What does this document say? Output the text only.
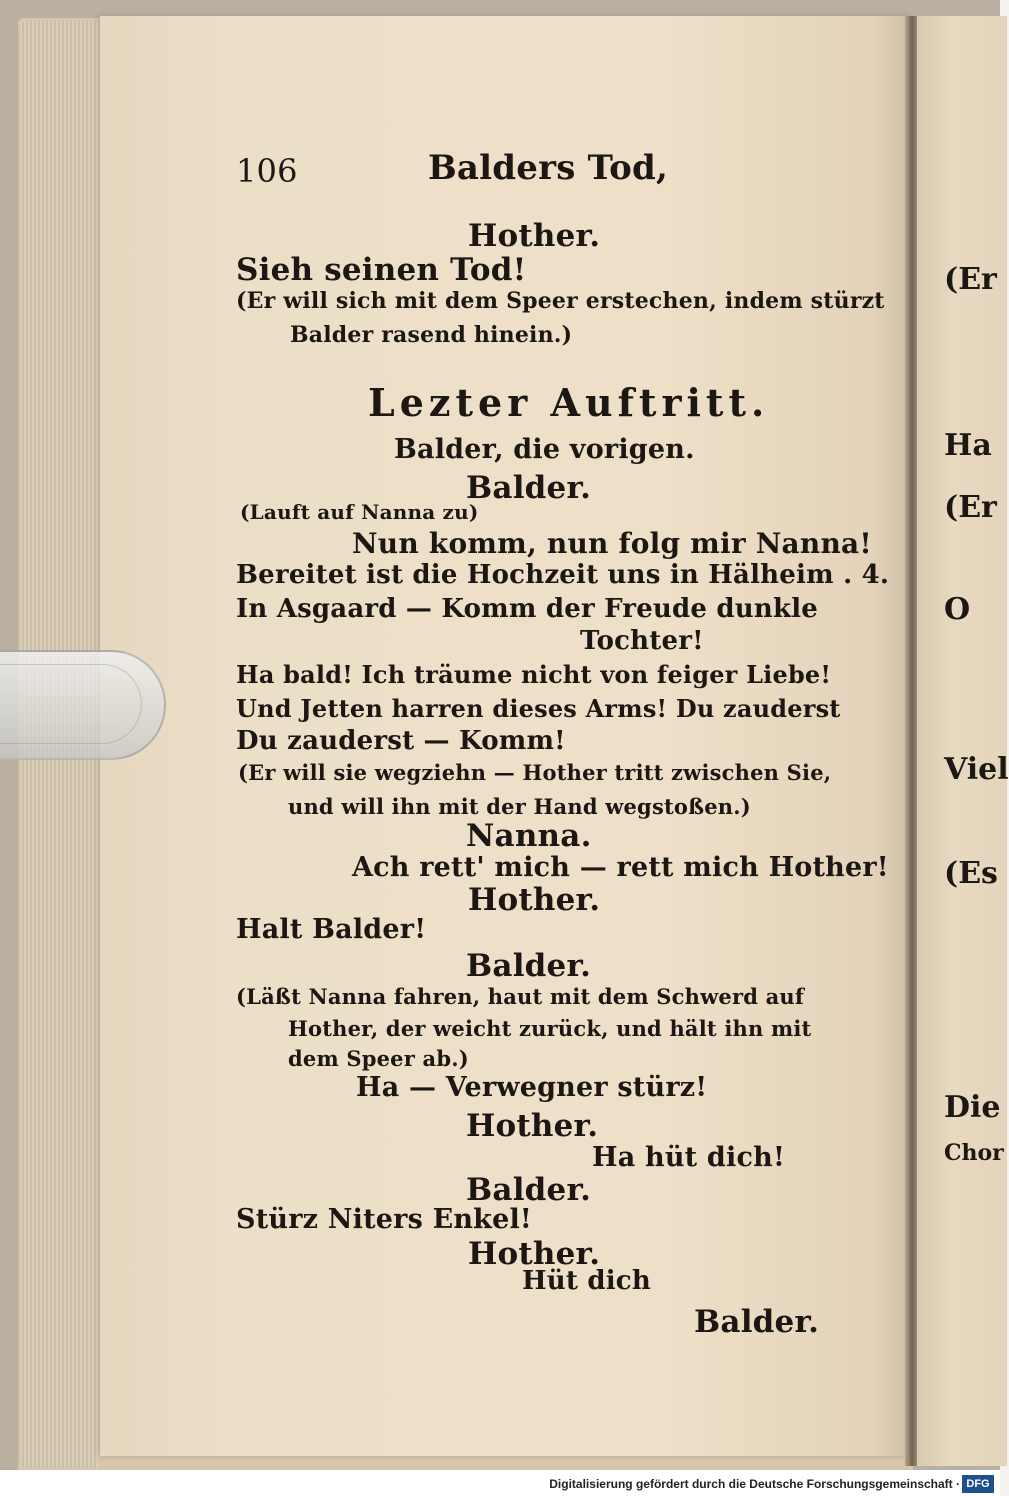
106	Balders Tod,
Hother.
Sieh seinen Tod!
(Er will sich mit dem Speer erstechen, indem stürzt
Balder rasend hinein.)
Lezter Auftritt.
Balder, die vorigen.
Balder.
(Lauft auf Nanna zu)
Nun komm, nun folg mir Nanna!
Bereitet ist die Hochzeit uns in Hälheim . 4.
In Asgaard — Komm der Freude dunkle
Tochter!
Ha bald! Ich träume nicht von feiger Liebe!
Und Jetten harren dieses Arms! Du zauderst
Du zauderst — Komm!
(Er will sie wegziehn — Hother tritt zwischen Sie,
und will ihn mit der Hand wegstoßen.)
Nanna.
Ach rett' mich — rett mich Hother!
Hother.
Halt Balder!
Balder.
(Läßt Nanna fahren, haut mit dem Schwerd auf
Hother, der weicht zurück, und hält ihn mit
dem Speer ab.)
Ha — Verwegner stürz!
Hother.
Ha hüt dich!
Balder.
Stürz Niters Enkel!
Hother.
Hüt dich
Balder.
(Er
Ha
(Er
O
Viel
(Es
Die
Chor
Digitalisierung gefördert durch die Deutsche Forschungsgemeinschaft · DFG
